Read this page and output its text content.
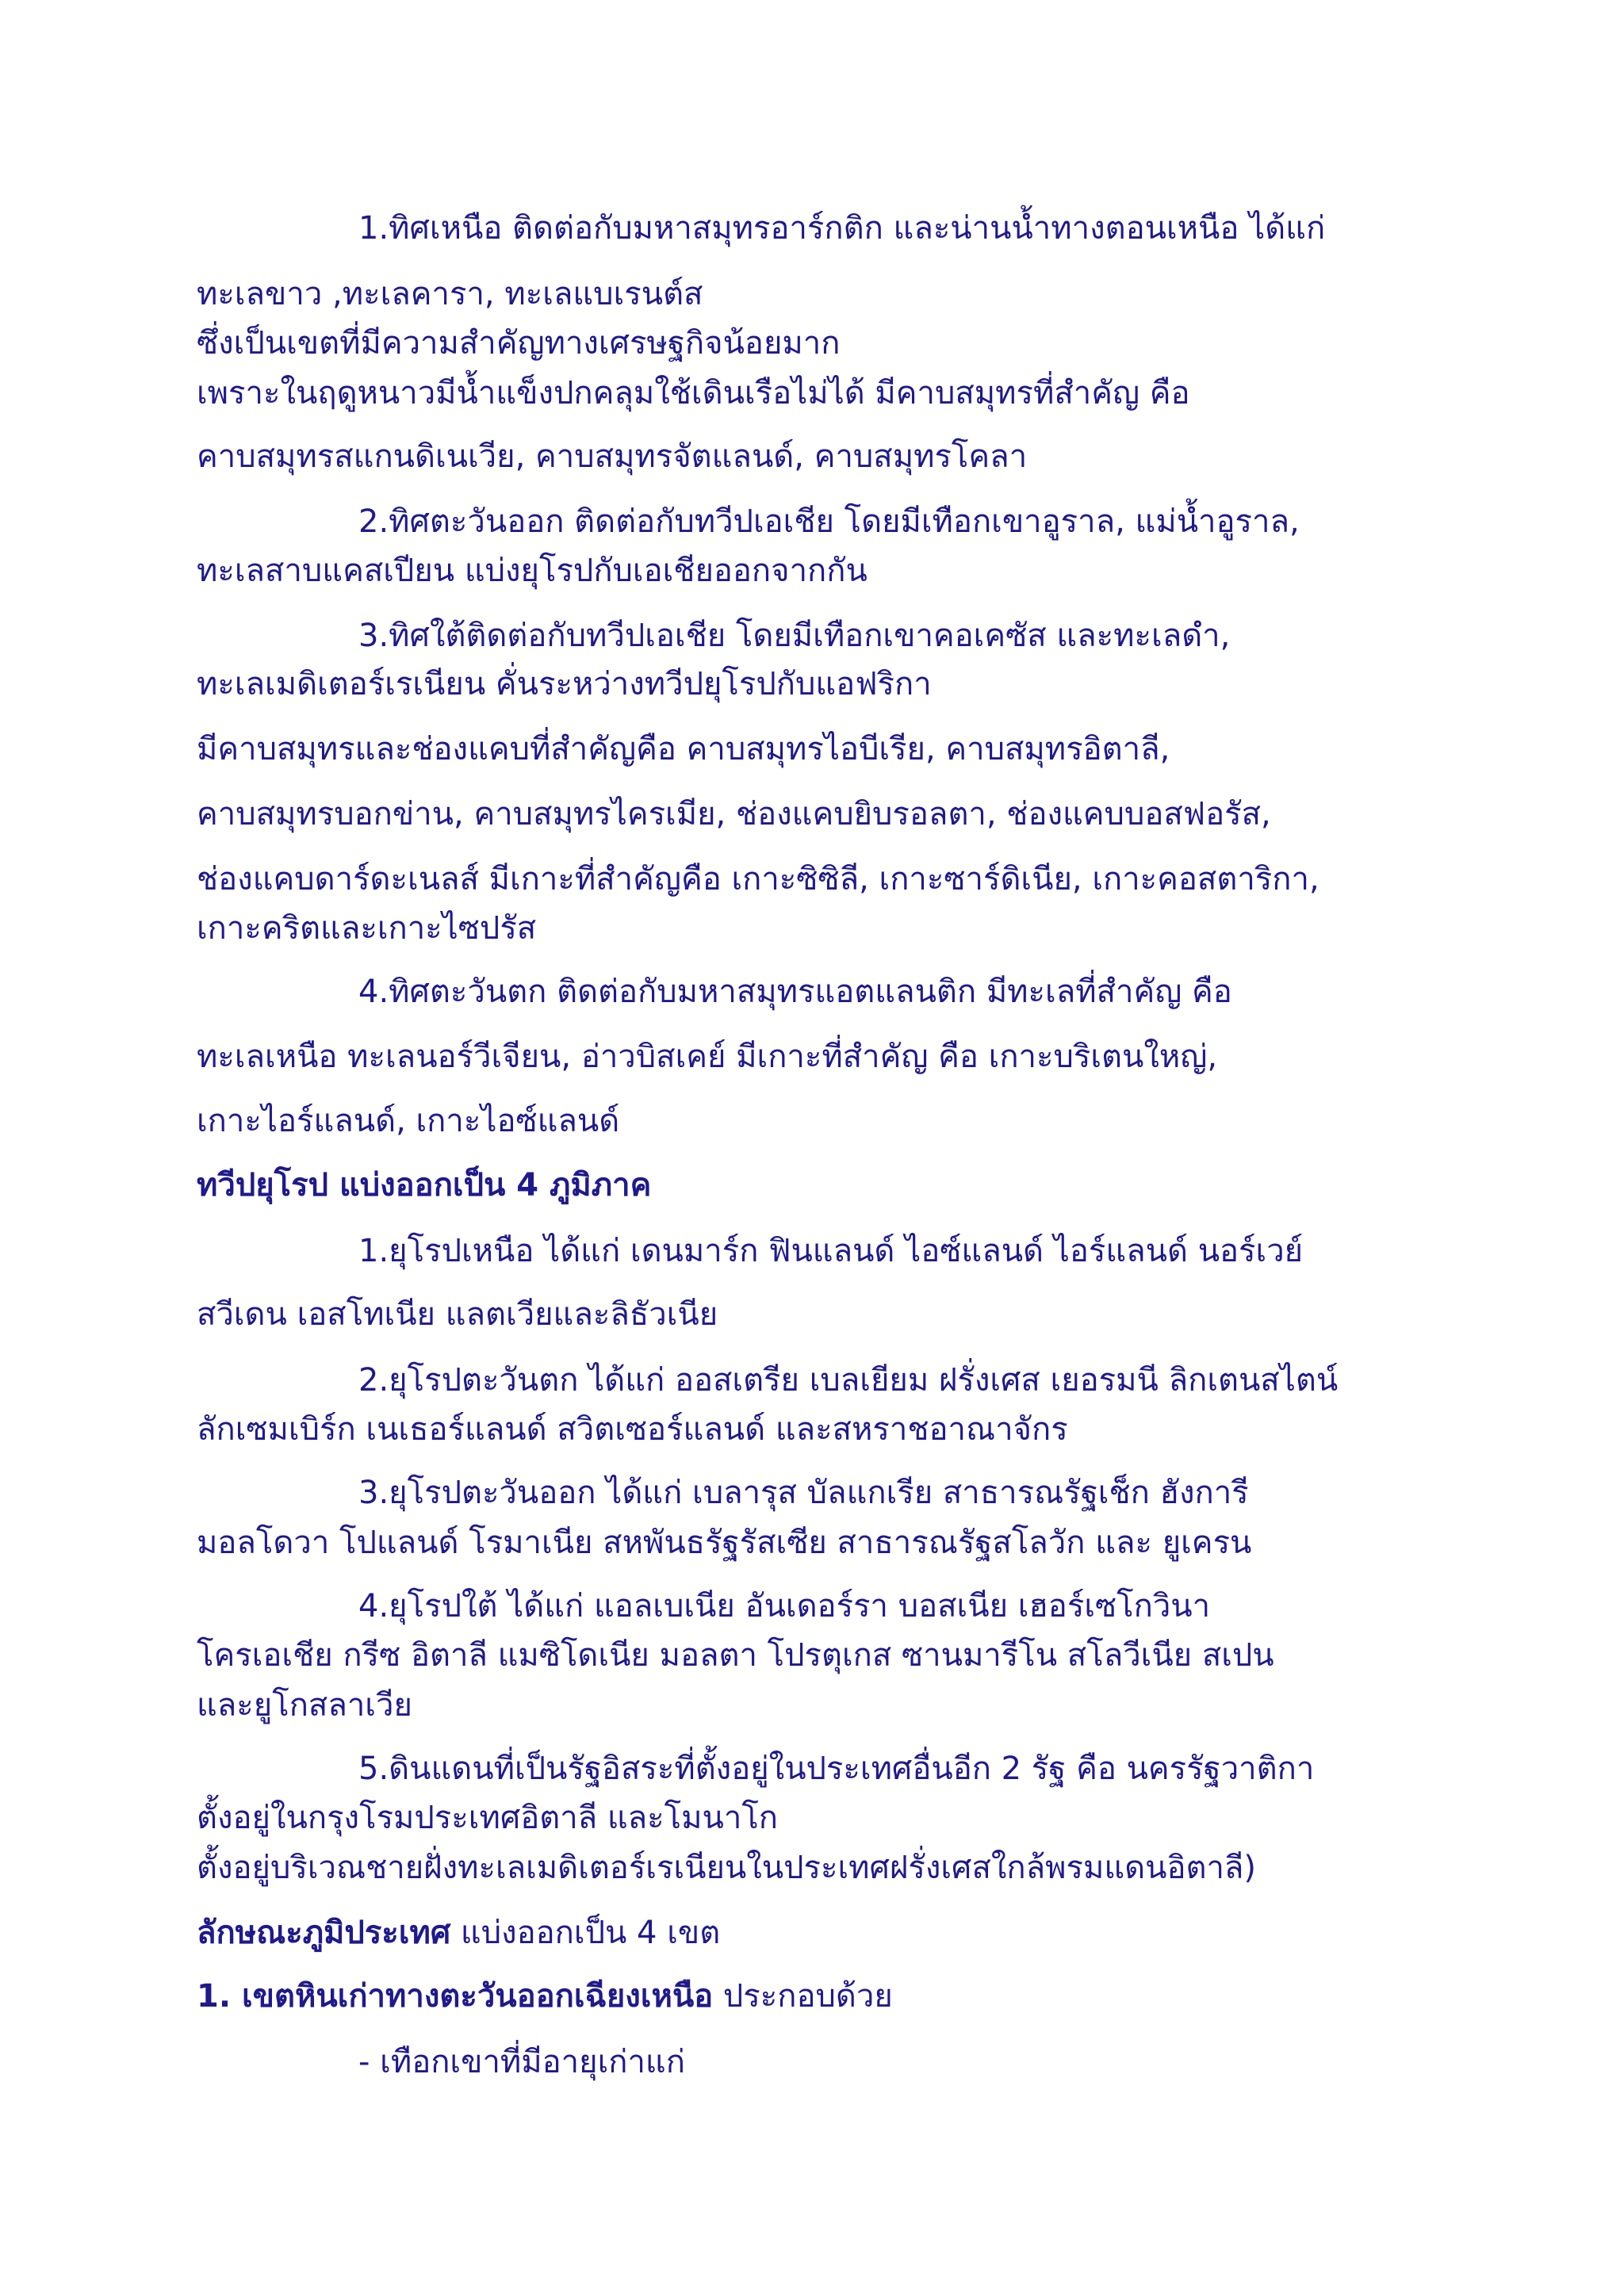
1.ทิศเหนือ ติดต่อกับมหาสมุทรอาร์กติก และน่านน้ำทางตอนเหนือ ได้แก่

ทะเลขาว ,ทะเลคารา, ทะเลแบเรนต์ส

ซึ่งเป็นเขตที่มีความสำคัญทางเศรษฐกิจน้อยมาก

เพราะในฤดูหนาวมีน้ำแข็งปกคลุมใช้เดินเรือไม่ได้ มีคาบสมุทรที่สำคัญ คือ

คาบสมุทรสแกนดิเนเวีย, คาบสมุทรจัตแลนด์, คาบสมุทรโคลา

2.ทิศตะวันออก ติดต่อกับทวีปเอเชีย โดยมีเทือกเขาอูราล, แม่น้ำอูราล,

ทะเลสาบแคสเปียน แบ่งยุโรปกับเอเชียออกจากกัน

3.ทิศใต้ติดต่อกับทวีปเอเชีย โดยมีเทือกเขาคอเคซัส และทะเลดำ,

ทะเลเมดิเตอร์เรเนียน คั่นระหว่างทวีปยุโรปกับแอฟริกา

มีคาบสมุทรและช่องแคบที่สำคัญคือ คาบสมุทรไอบีเรีย, คาบสมุทรอิตาลี,

คาบสมุทรบอกข่าน, คาบสมุทรไครเมีย, ช่องแคบยิบรอลตา, ช่องแคบบอสฟอรัส,

ช่องแคบดาร์ดะเนลส์ มีเกาะที่สำคัญคือ เกาะซิซิลี, เกาะซาร์ดิเนีย, เกาะคอสตาริกา,

เกาะคริตและเกาะไซปรัส

4.ทิศตะวันตก ติดต่อกับมหาสมุทรแอตแลนติก มีทะเลที่สำคัญ คือ

ทะเลเหนือ ทะเลนอร์วีเจียน, อ่าวบิสเคย์ มีเกาะที่สำคัญ คือ เกาะบริเตนใหญ่,

เกาะไอร์แลนด์, เกาะไอซ์แลนด์

ทวีปยุโรป แบ่งออกเป็น 4 ภูมิภาค

1.ยุโรปเหนือ ได้แก่ เดนมาร์ก ฟินแลนด์ ไอซ์แลนด์ ไอร์แลนด์ นอร์เวย์

สวีเดน เอสโทเนีย แลตเวียและลิธัวเนีย

2.ยุโรปตะวันตก ได้แก่ ออสเตรีย เบลเยียม ฝรั่งเศส เยอรมนี ลิกเตนสไตน์

ลักเซมเบิร์ก เนเธอร์แลนด์ สวิตเซอร์แลนด์ และสหราชอาณาจักร

3.ยุโรปตะวันออก ได้แก่ เบลารุส บัลแกเรีย สาธารณรัฐเช็ก ฮังการี

มอลโดวา โปแลนด์ โรมาเนีย สหพันธรัฐรัสเซีย สาธารณรัฐสโลวัก และ ยูเครน

4.ยุโรปใต้ ได้แก่ แอลเบเนีย อันเดอร์รา บอสเนีย เฮอร์เซโกวินา

โครเอเชีย กรีซ อิตาลี แมซิโดเนีย มอลตา โปรตุเกส ซานมารีโน สโลวีเนีย สเปน

และยูโกสลาเวีย

5.ดินแดนที่เป็นรัฐอิสระที่ตั้งอยู่ในประเทศอื่นอีก 2 รัฐ คือ นครรัฐวาติกา

ตั้งอยู่ในกรุงโรมประเทศอิตาลี และโมนาโก

ตั้งอยู่บริเวณชายฝั่งทะเลเมดิเตอร์เรเนียนในประเทศฝรั่งเศสใกล้พรมแดนอิตาลี)

ลักษณะภูมิประเทศ แบ่งออกเป็น 4 เขต

1. เขตหินเก่าทางตะวันออกเฉียงเหนือ ประกอบด้วย

- เทือกเขาที่มีอายุเก่าแก่
